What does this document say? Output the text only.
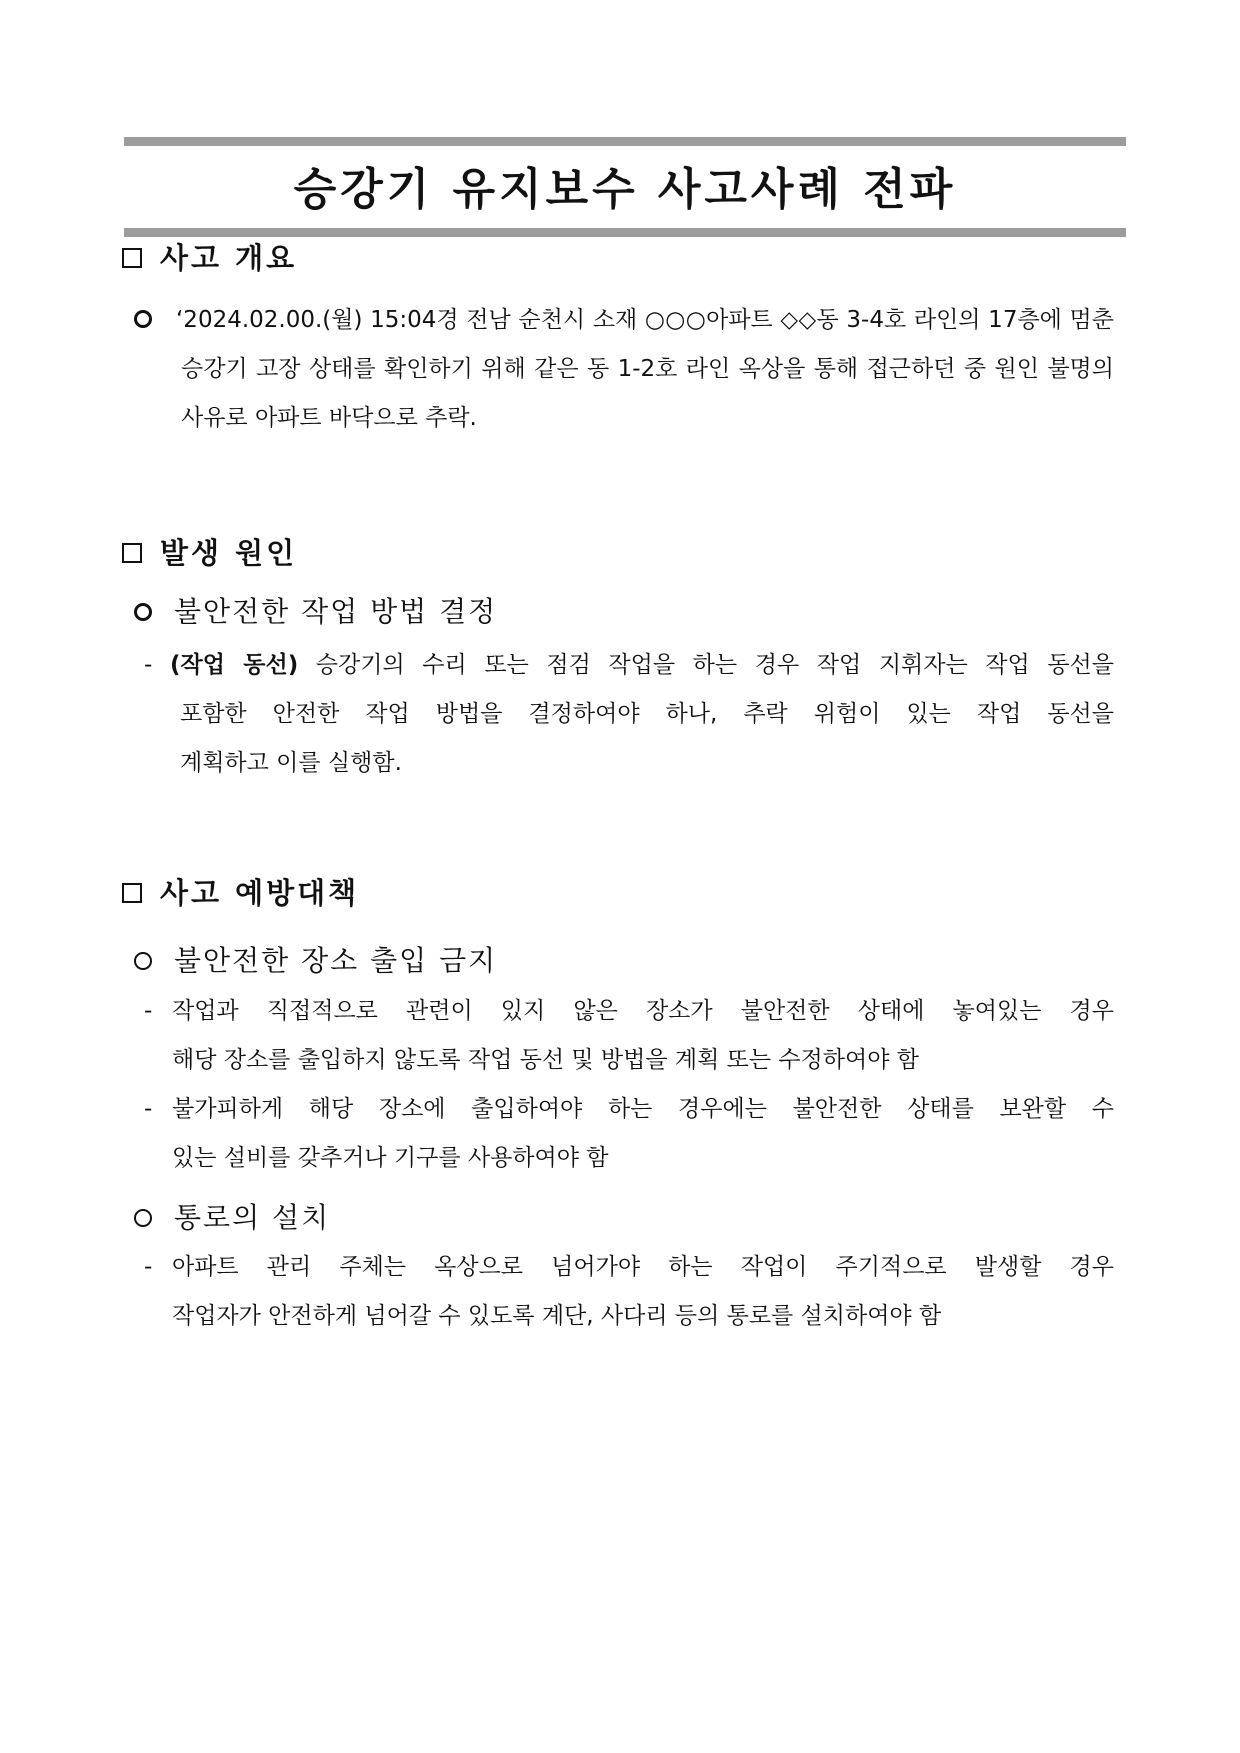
승강기 유지보수 사고사례 전파
사고 개요
‘2024.02.00.(월) 15:04경 전남 순천시 소재 ○○○아파트 ◇◇동 3-4호 라인의 17층에 멈춘
승강기 고장 상태를 확인하기 위해 같은 동 1-2호 라인 옥상을 통해 접근하던 중 원인 불명의
사유로 아파트 바닥으로 추락.
발생 원인
불안전한 작업 방법 결정
- (작업 동선) 승강기의 수리 또는 점검 작업을 하는 경우 작업 지휘자는 작업 동선을
포함한 안전한 작업 방법을 결정하여야 하나, 추락 위험이 있는 작업 동선을
계획하고 이를 실행함.
사고 예방대책
불안전한 장소 출입 금지
- 작업과 직접적으로 관련이 있지 않은 장소가 불안전한 상태에 놓여있는 경우
해당 장소를 출입하지 않도록 작업 동선 및 방법을 계획 또는 수정하여야 함
- 불가피하게 해당 장소에 출입하여야 하는 경우에는 불안전한 상태를 보완할 수
있는 설비를 갖추거나 기구를 사용하여야 함
통로의 설치
- 아파트 관리 주체는 옥상으로 넘어가야 하는 작업이 주기적으로 발생할 경우
작업자가 안전하게 넘어갈 수 있도록 계단, 사다리 등의 통로를 설치하여야 함
